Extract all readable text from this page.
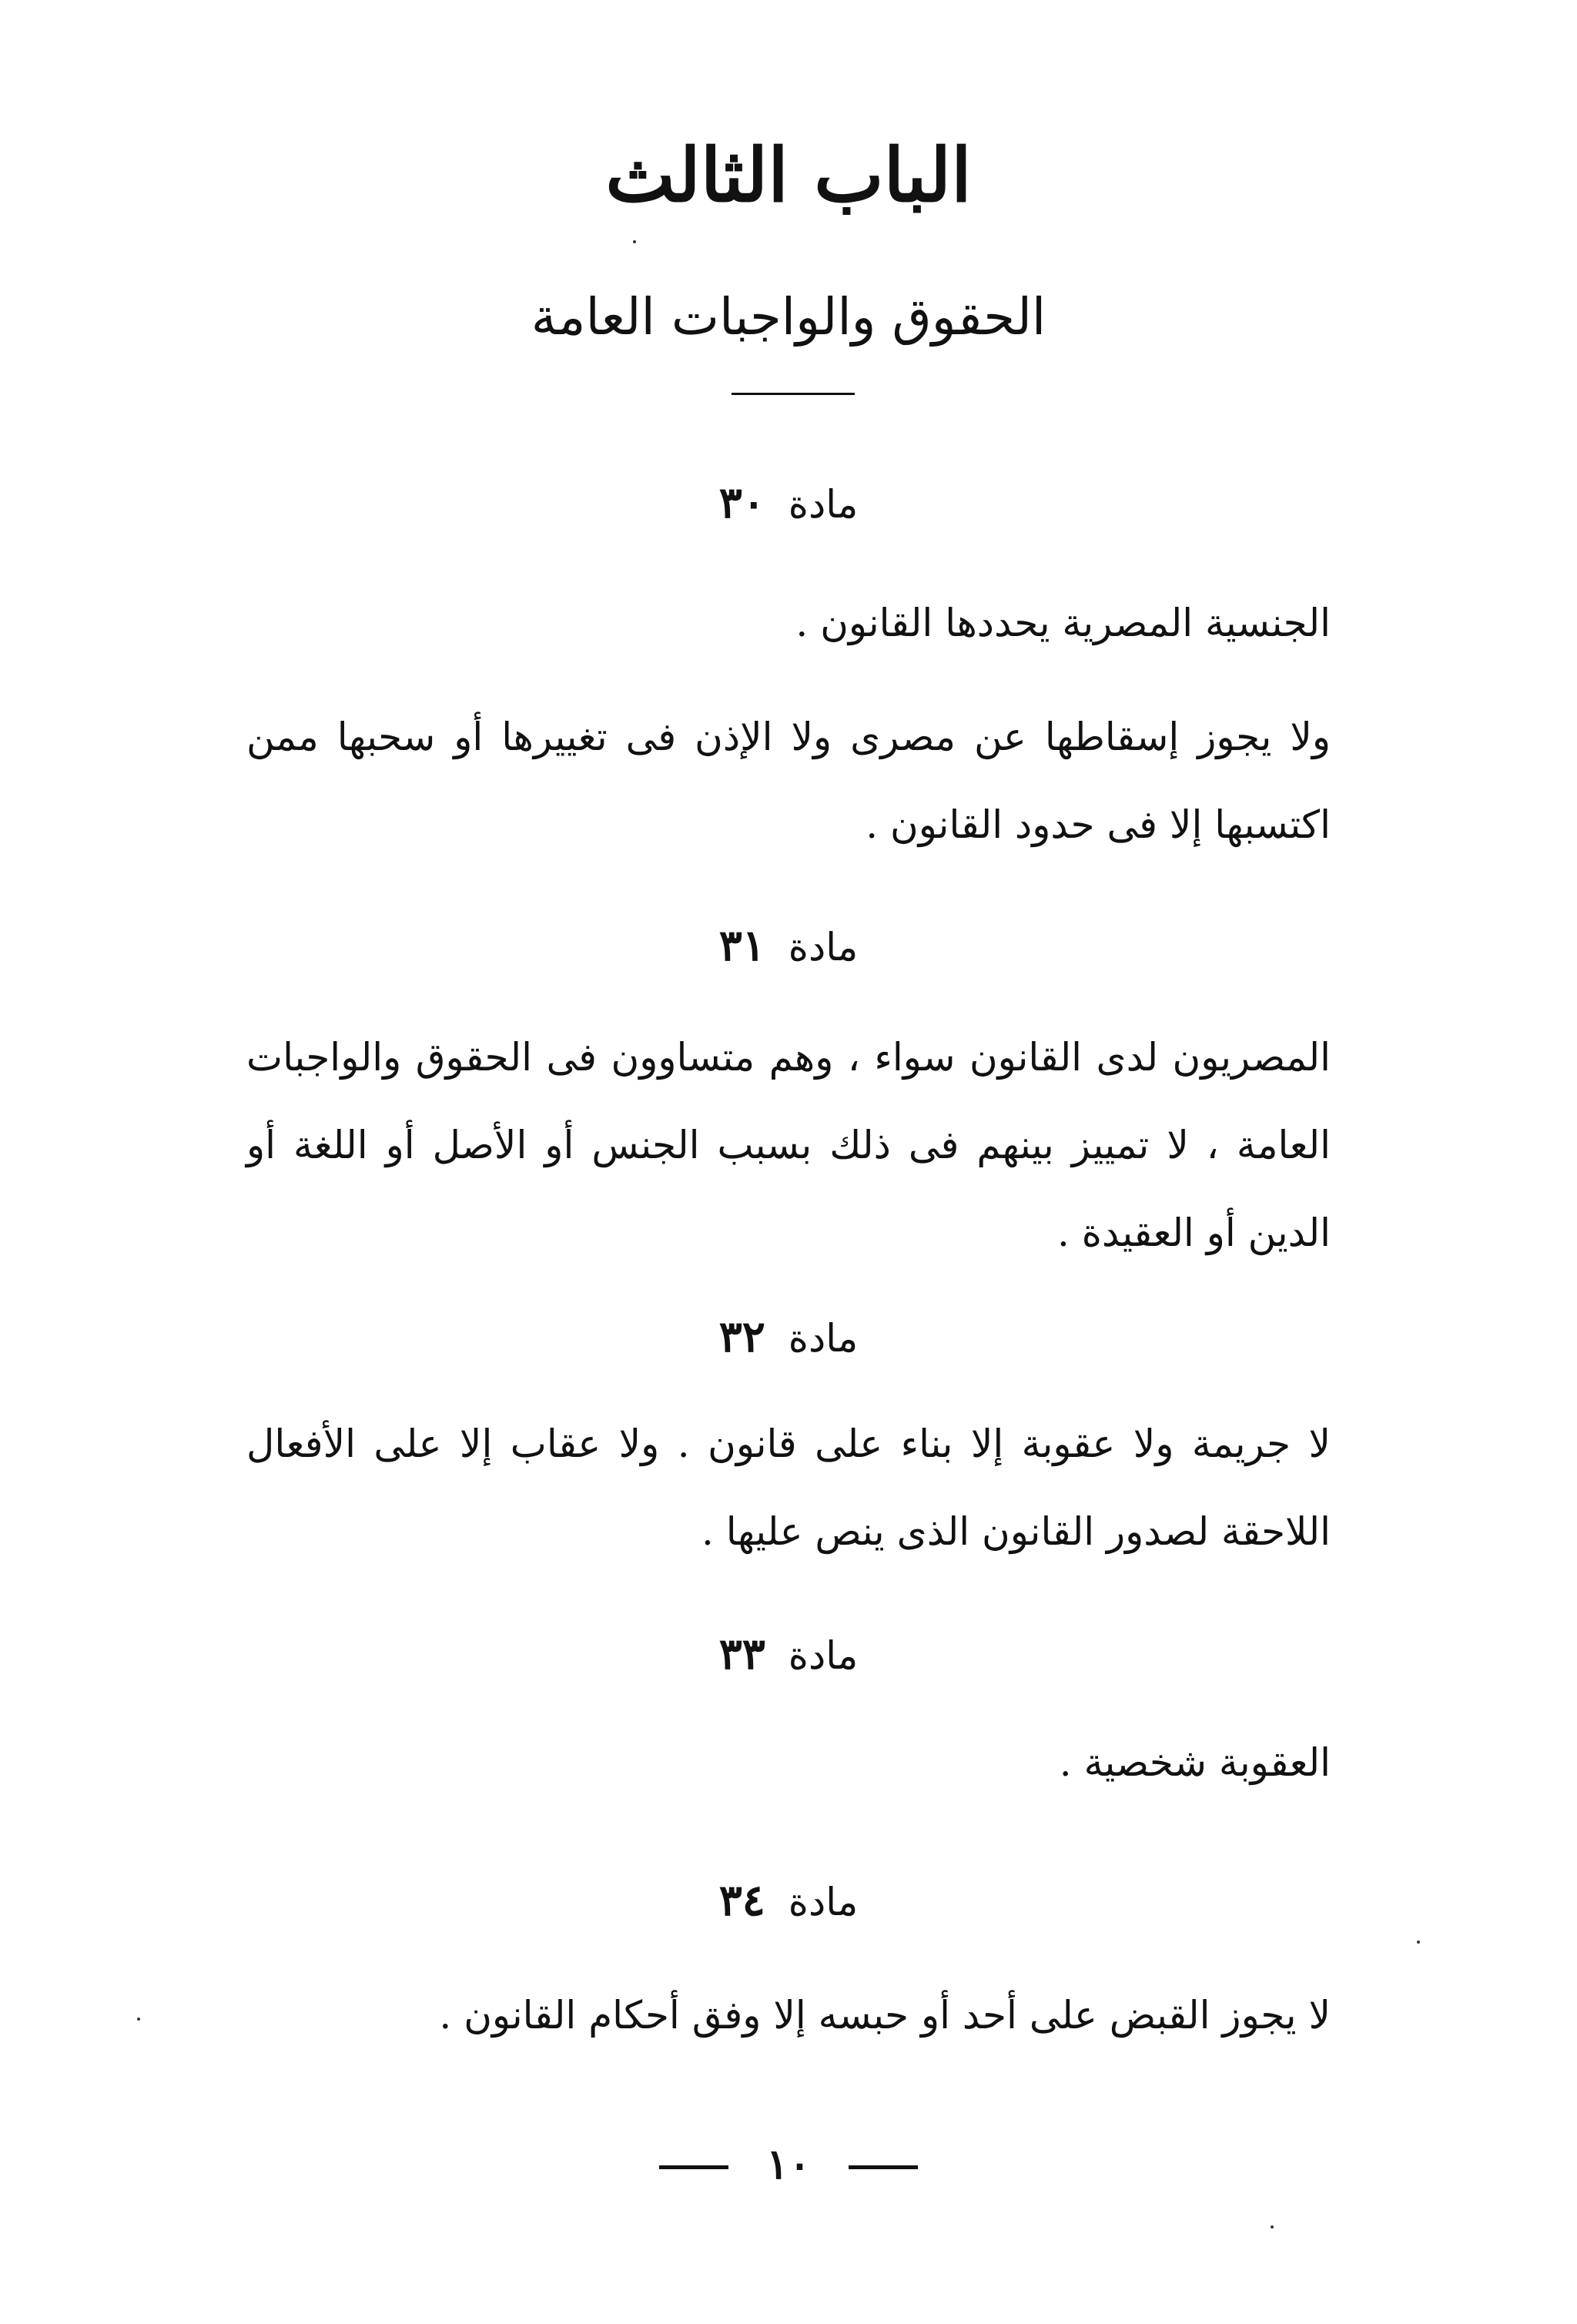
الباب الثالث
الحقوق والواجبات العامة
مادة ٣٠

الجنسية المصرية يحددها القانون .

ولا يجوز إسقاطها عن مصرى ولا الإذن فى تغييرها أو سحبها ممن اكتسبها إلا فى حدود القانون .

مادة ٣١

المصريون لدى القانون سواء ، وهم متساوون فى الحقوق والواجبات العامة ، لا تمييز بينهم فى ذلك بسبب الجنس أو الأصل أو اللغة أو الدين أو العقيدة .

مادة ٣٢

لا جريمة ولا عقوبة إلا بناء على قانون . ولا عقاب إلا على الأفعال اللاحقة لصدور القانون الذى ينص عليها .

مادة ٣٣

العقوبة شخصية .

مادة ٣٤

لا يجوز القبض على أحد أو حبسه إلا وفق أحكام القانون .

١٠
